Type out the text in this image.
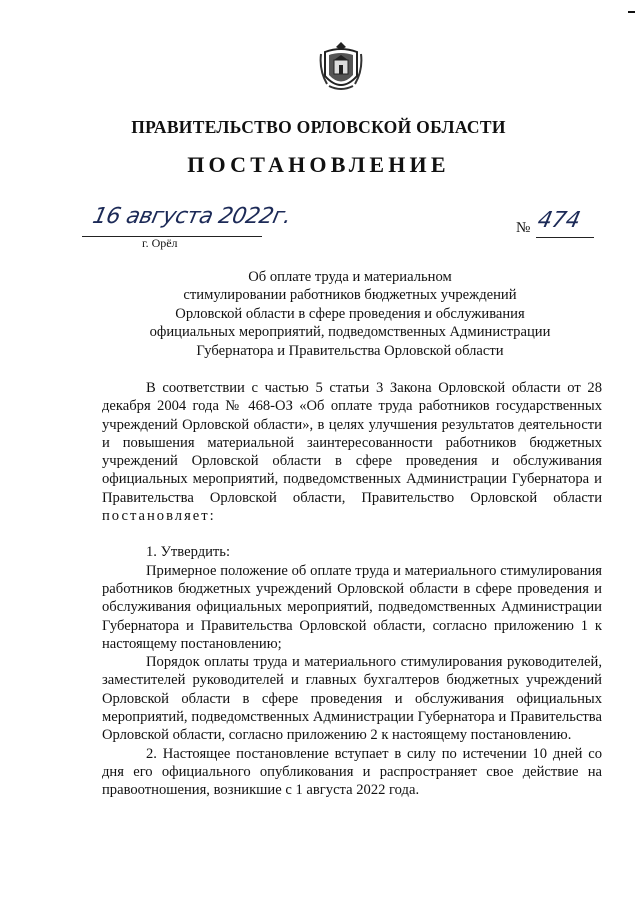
ПРАВИТЕЛЬСТВО ОРЛОВСКОЙ ОБЛАСТИ
ПОСТАНОВЛЕНИЕ
16 августа 2022г.
г. Орёл
№ 474
Об оплате труда и материальном
стимулировании работников бюджетных учреждений
Орловской области в сфере проведения и обслуживания
официальных мероприятий, подведомственных Администрации
Губернатора и Правительства Орловской области
В соответствии с частью 5 статьи 3 Закона Орловской области от 28 декабря 2004 года № 468-ОЗ «Об оплате труда работников государственных учреждений Орловской области», в целях улучшения результатов деятельности и повышения материальной заинтересованности работников бюджетных учреждений Орловской области в сфере проведения и обслуживания официальных мероприятий, подведомственных Администрации Губернатора и Правительства Орловской области, Правительство Орловской области постановляет:
1. Утвердить:
Примерное положение об оплате труда и материального стимулирования работников бюджетных учреждений Орловской области в сфере проведения и обслуживания официальных мероприятий, подведомственных Администрации Губернатора и Правительства Орловской области, согласно приложению 1 к настоящему постановлению;
Порядок оплаты труда и материального стимулирования руководителей, заместителей руководителей и главных бухгалтеров бюджетных учреждений Орловской области в сфере проведения и обслуживания официальных мероприятий, подведомственных Администрации Губернатора и Правительства Орловской области, согласно приложению 2 к настоящему постановлению.
2. Настоящее постановление вступает в силу по истечении 10 дней со дня его официального опубликования и распространяет свое действие на правоотношения, возникшие с 1 августа 2022 года.
